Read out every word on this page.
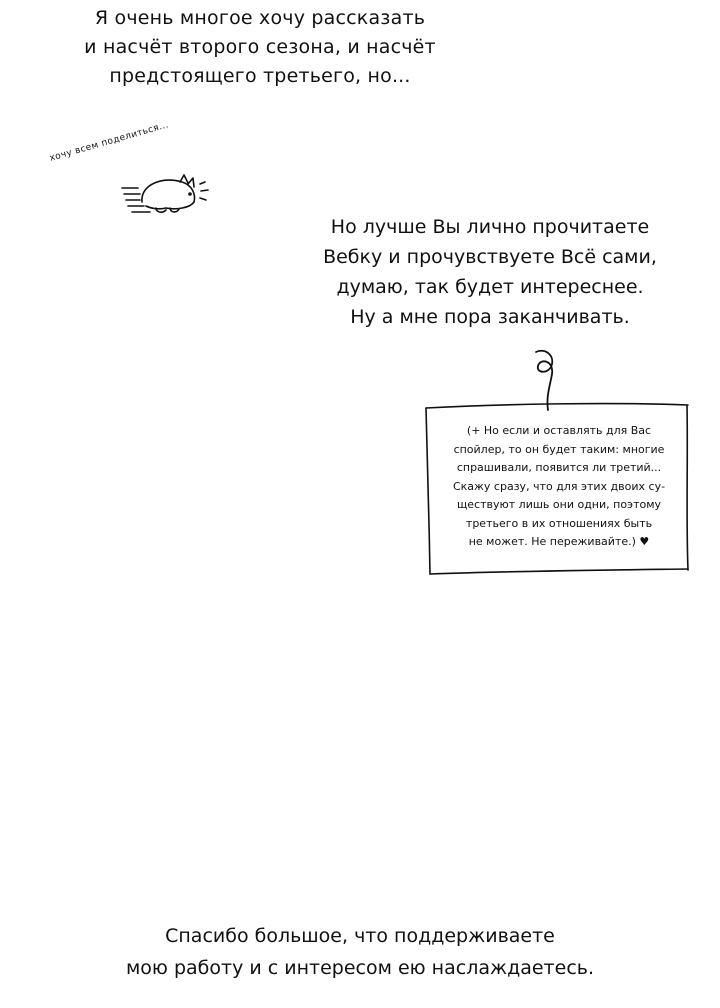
Я очень многое хочу рассказать
и насчёт второго сезона, и насчёт
предстоящего третьего, но...
хочу всем поделиться...
Но лучше Вы лично прочитаете
Вебку и прочувствуете Всё сами,
думаю, так будет интереснее.
Ну а мне пора заканчивать.
(+ Но если и оставлять для Вас
спойлер, то он будет таким: многие
спрашивали, появится ли третий...
Скажу сразу, что для этих двоих су-
ществуют лишь они одни, поэтому
третьего в их отношениях быть
не может. Не переживайте.) ♥
Спасибо большое, что поддерживаете
мою работу и с интересом ею наслаждаетесь.
